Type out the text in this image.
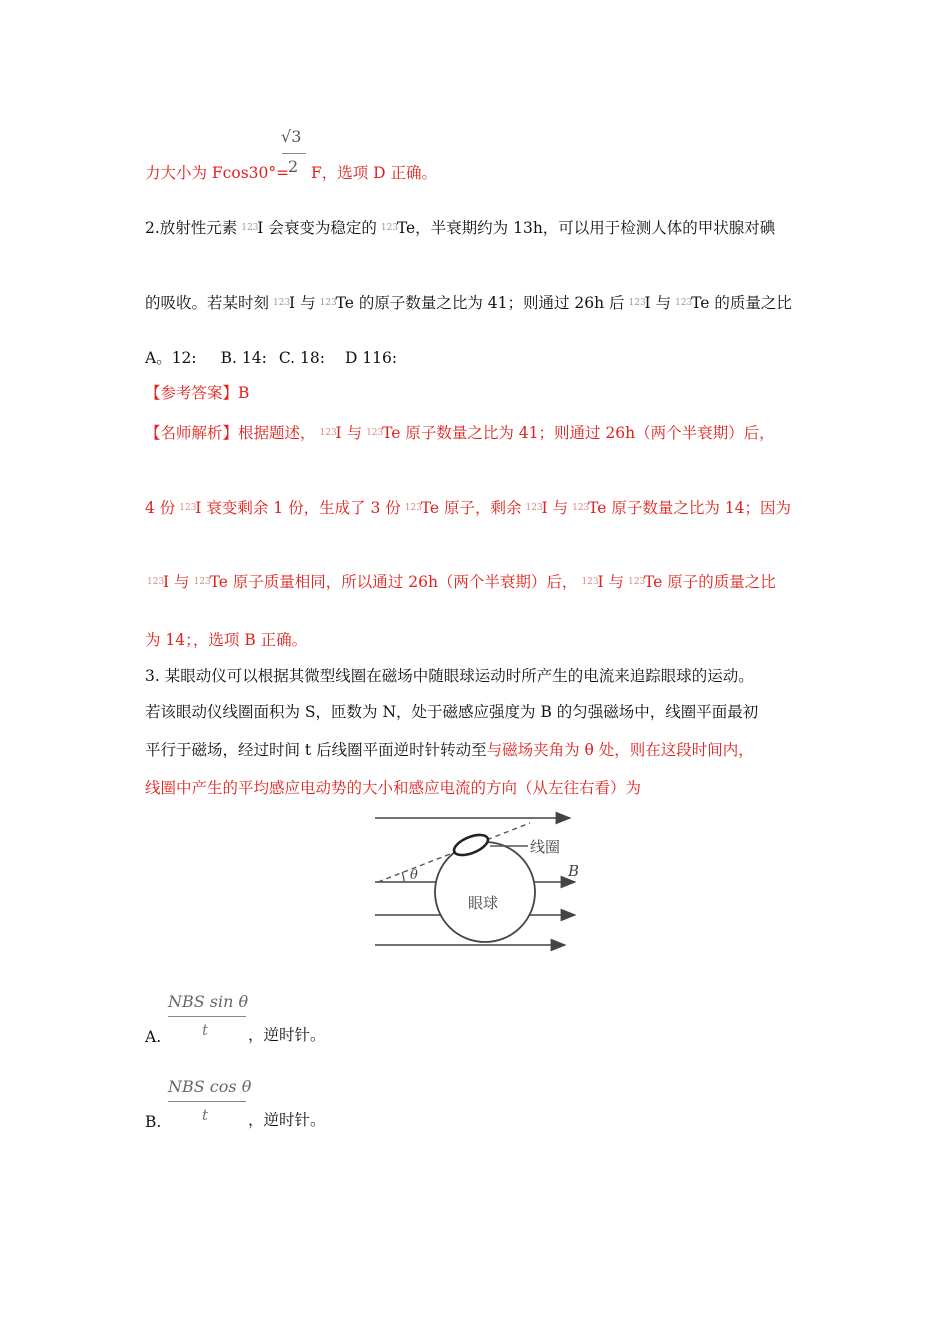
力大小为 Fcos30°=
√3
2 F，选项 D 正确。
2.放射性元素 123
I 会衰变为稳定的 123
Te，半衰期约为 13h，可以用于检测人体的甲状腺对碘
的吸收。若某时刻 123
I 与 123
Te 的原子数量之比为 41；则通过 26h 后 123
I 与 123
Te 的质量之比
A。12: B. 14: C. 18: D 116:
【参考答案】B
【名师解析】根据题述， 123
I 与 123
Te 原子数量之比为 41；则通过 26h（两个半衰期）后，
4 份 123
I 衰变剩余 1 份，生成了 3 份 123
Te 原子，剩余 123
I 与 123
Te 原子数量之比为 14；因为
123
I 与 123
Te 原子质量相同，所以通过 26h（两个半衰期）后， 123
I 与 123
Te 原子的质量之比
为 14；，选项 B 正确。
3. 某眼动仪可以根据其微型线圈在磁场中随眼球运动时所产生的电流来追踪眼球的运动。
若该眼动仪线圈面积为 S，匝数为 N，处于磁感应强度为 B 的匀强磁场中，线圈平面最初
平行于磁场，经过时间 t 后线圈平面逆时针转动至与磁场夹角为 θ 处，则在这段时间内，
线圈中产生的平均感应电动势的大小和感应电流的方向（从左往右看）为
线圈
B
眼球
θ
NBS sin θ
t
A.	，逆时针。
NBS cos θ
t
B.	，逆时针。
